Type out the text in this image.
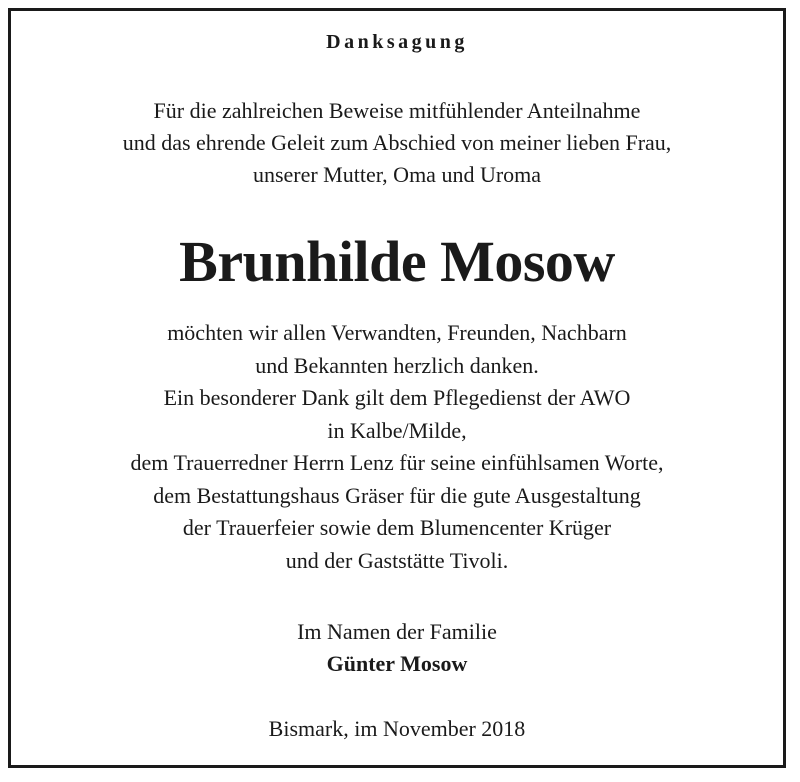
Danksagung
Für die zahlreichen Beweise mitfühlender Anteilnahme
und das ehrende Geleit zum Abschied von meiner lieben Frau,
unserer Mutter, Oma und Uroma
Brunhilde Mosow
möchten wir allen Verwandten, Freunden, Nachbarn
und Bekannten herzlich danken.
Ein besonderer Dank gilt dem Pflegedienst der AWO
in Kalbe/Milde,
dem Trauerredner Herrn Lenz für seine einfühlsamen Worte,
dem Bestattungshaus Gräser für die gute Ausgestaltung
der Trauerfeier sowie dem Blumencenter Krüger
und der Gaststätte Tivoli.
Im Namen der Familie
Günter Mosow
Bismark, im November 2018
